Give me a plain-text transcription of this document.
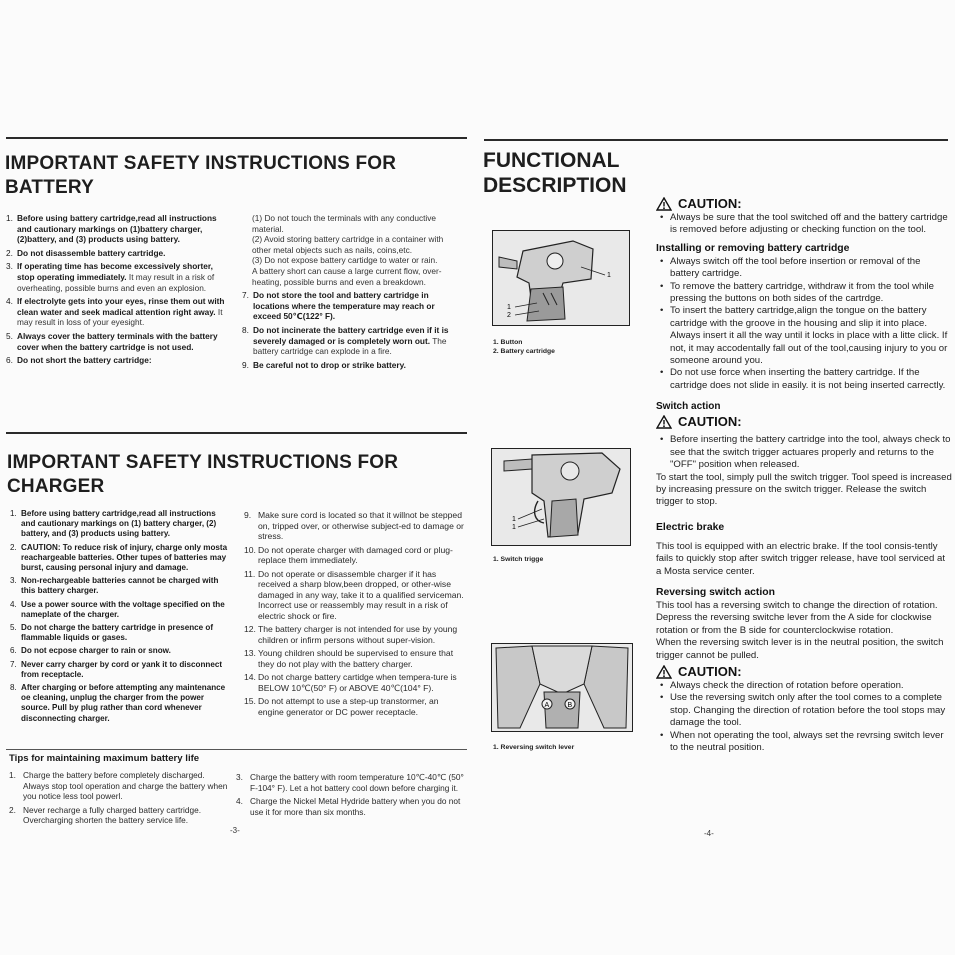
IMPORTANT SAFETY INSTRUCTIONS FOR
BATTERY
1. Before using battery cartridge,read all instructions and cautionary markings on (1)battery charger, (2)battery, and (3) products using battery.
2. Do not disassemble battery cartridge.
3. If operating time has become excessively shorter, stop operating immediately. It may result in a risk of overheating, possible burns and even an explosion.
4. If electrolyte gets into your eyes, rinse them out with clean water and seek madical attention right away. It may result in loss of your eyesight.
5. Always cover the battery terminals with the battery cover when the battery cartridge is not used.
6. Do not short the battery cartridge:
(1) Do not touch the terminals with any conductive material.
(2) Avoid storing battery cartridge in a container with other metal objects such as nails, coins,etc.
(3) Do not expose battery cartidge to water or rain.
A battery short can cause a large current flow, over-heating, possible burns and even a breakdown.
7. Do not store the tool and battery cartridge in locations where the temperature may reach or exceed 50℃(122° F).
8. Do not incinerate the battery cartridge even if it is severely damaged or is completely worn out. The battery cartridge can explode in a fire.
9. Be careful not to drop or strike battery.
IMPORTANT SAFETY INSTRUCTIONS FOR
CHARGER
1. Before using battery cartridge,read all instructions and cautionary markings on (1) battery charger, (2) battery, and (3) products using battery.
2. CAUTION: To reduce risk of injury, charge only mosta reachargeable batteries. Other tupes of batteries may burst, causing personal injury and damage.
3. Non-rechargeable batteries cannot be charged with this battery charger.
4. Use a power source with the voltage specified on the nameplate of the charger.
5. Do not charge the battery cartridge in presence of flammable liquids or gases.
6. Do not ecpose charger to rain or snow.
7. Never carry charger by cord or yank it to disconnect from receptacle.
8. After charging or before attempting any maintenance oe cleaning, unplug the charger from the power source. Pull by plug rather than cord whenever disconnecting charger.
9. Make sure cord is located so that it willnot be stepped on, tripped over, or otherwise subject-ed to damage or stress.
10. Do not operate charger with damaged cord or plug-replace them immediately.
11. Do not operate or disassemble charger if it has received a sharp blow,been dropped, or other-wise damaged in any way, take it to a qualified serviceman. Incorrect use or reassembly may result in a risk of electric shock or fire.
12. The battery charger is not intended for use by young children or infirm persons without super-vision.
13. Young children should be supervised to ensure that they do not play with the battery charger.
14. Do not charge battery cartidge when tempera-ture is BELOW 10℃(50° F) or ABOVE 40℃(104° F).
15. Do not attempt to use a step-up transtormer, an engine generator or DC power receptacle.
Tips for maintaining maximum battery life
1. Charge the battery before completely discharged. Always stop tool operation and charge the battery when you notice less tool powerl.
2. Never recharge a fully charged battery cartridge. Overcharging shorten the battery service life.
3. Charge the battery with room temperature 10℃-40℃ (50° F-104° F). Let a hot battery cool down before charging it.
4. Charge the Nickel Metal Hydride battery when you do not use it for more than six months.
-3-
FUNCTIONAL
DESCRIPTION
1
1
2
1. Button
2. Battery cartridge
1
1
1. Switch trigge
A	B
1. Reversing switch lever
CAUTION:
• Always be sure that the tool switched off and the battery cartridge is removed before adjusting or checking function on the tool.
Installing or removing battery cartridge
• Always switch off the tool before insertion or removal of the battery cartridge.
• To remove the battery cartridge, withdraw it from the tool while pressing the buttons on both sides of the cartrdge.
• To insert the battery cartridge,align the tongue on the battery cartridge with the groove in the housing and slip it into place. Always insert it all the way until it locks in place with a litte click. If not, it may accodentally fall out of the tool,causing injury to you or someone around you.
• Do not use force when inserting the battery cartridge. If the cartridge does not slide in easily. it is not being inserted carrectly.
Switch action
CAUTION:
• Before inserting the battery cartridge into the tool, always check to see that the switch trigger actuares properly and returns to the "OFF" position when released.
To start the tool, simply pull the switch trigger. Tool speed is increased by increasing pressure on the switch trigger. Release the switch trigger to stop.
Electric brake
This tool is equipped with an electric brake. If the tool consis-tently fails to quickly stop after switch trigger release, have tool serviced at a Mosta service center.
Reversing switch action
This tool has a reversing switch to change the direction of rotation. Depress the reversing switche lever from the A side for clockwise rotation or from the B side for counterclockwise rotation.
When the reversing switch lever is in the neutral position, the switch trigger cannot be pulled.
CAUTION:
• Always check the direction of rotation before operation.
• Use the reversing switch only after the tool comes to a complete stop. Changing the direction of rotation before the tool stops may damage the tool.
• When not operating the tool, always set the revrsing switch lever to the neutral position.
-4-
